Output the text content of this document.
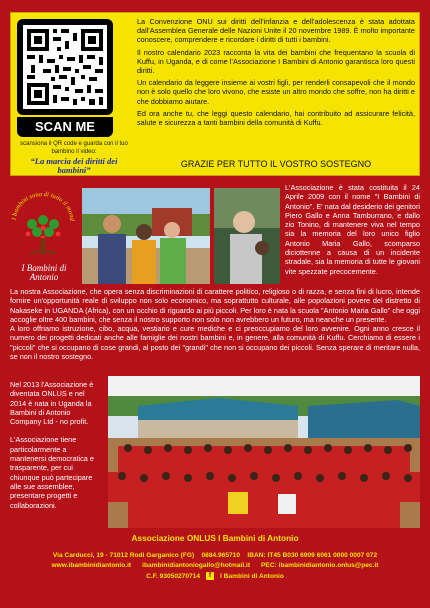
SCAN ME
scansiona il QR code e guarda con il tuo bambino il video:
“La marcia dei diritti dei bambini”

La Convenzione ONU sui diritti dell'infanzia e dell'adolescenza è stata adottata dall'Assemblea Generale delle Nazioni Unite il 20 novembre 1989. È molto importante conoscere, comprendere e ricordare i diritti di tutti i bambini.

Il nostro calendario 2023 racconta la vita dei bambini che frequentano la scuola di Kuffu, in Uganda, e di come l'Associazione I Bambini di Antonio garantisca loro questi diritti.

Un calendario da leggere insieme ai vostri figli, per renderli consapevoli che il mondo non è solo quello che loro vivono, che esiste un altro mondo che soffre, non ha diritti e che dobbiamo aiutare.

Ed ora anche tu, che leggi questo calendario, hai contribuito ad assicurare felicità, salute e sicurezza a tanti bambini della comunità di Kuffu.

GRAZIE PER TUTTO IL VOSTRO SOSTEGNO
I bambini sono di tutto il mond
I Bambini di Antonio
L'Associazione è stata costituita il 24 Aprile 2009 con il nome "I Bambini di Antonio". E' nata dal desiderio dei genitori Piero Gallo e Anna Tamburrano, e dallo zio Tonino, di mantenere viva nel tempo sia la memoria del loro unico figlio Antonio Maria Gallo, scomparso diciottenne a causa di un incidente stradale, sia la memoria di tutte le giovani vite spezzate precocemente.

La nostra Associazione, che opera senza discriminazioni di carattere politico, religioso o di razza, e senza fini di lucro, intende fornire un'opportunità reale di sviluppo non solo economico, ma soprattutto culturale, alle popolazioni povere del distretto di Nakaseke in UGANDA (Africa), con un occhio di riguardo ai più piccoli. Per loro è nata la scuola "Antonio Maria Gallo" che oggi accoglie oltre 400 bambini, che senza il nostro supporto non solo non avrebbero un futuro, ma neanche un presente.

A loro offriamo istruzione, cibo, acqua, vestiario e cure mediche e ci preoccupiamo del loro avvenire. Ogni anno cresce il numero dei progetti dedicati anche alle famiglie dei nostri bambini e, in genere, alla comunità di Kuffu. Cerchiamo di essere i "piccoli" che si occupano di cose grandi, al posto dei "grandi" che non si occupano dei piccoli. Senza sperare di meritare nulla, se non il nostro sostegno.

Nel 2013 l'Associazione è diventata ONLUS e nel 2014 è nata in Uganda la Bambini di Antonio Company Ltd - no profit.

L'Associazione tiene particolarmente a mantenersi democratica e trasparente, per cui chiunque può partecipare alle sue assemblee, presentare progetti e collaborazioni.

Associazione ONLUS I Bambini di Antonio
Via Carducci, 19 - 71012 Rodi Garganico (FG) 0884.965710 IBAN: IT45 B030 6909 6061 0000 0007 072
www.ibambinidiantonio.it ibambinidiantoniogallo@hotmail.it PEC: ibambinidiantonio.onlus@pec.it
C.F. 93050270714	f	I Bambini di Antonio
